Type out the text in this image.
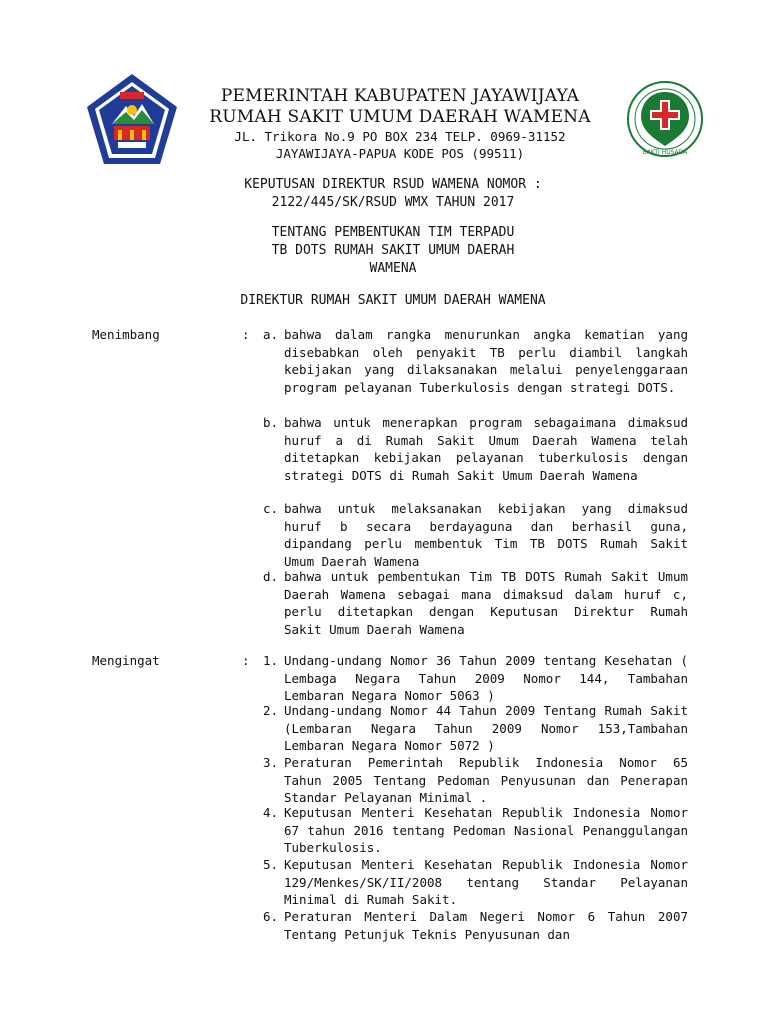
PEMERINTAH KABUPATEN JAYAWIJAYA
RUMAH SAKIT UMUM DAERAH WAMENA
JL. Trikora No.9 PO BOX 234 TELP. 0969-31152
JAYAWIJAYA-PAPUA KODE POS (99511)	BAKTI HUSADA
KEPUTUSAN DIREKTUR RSUD WAMENA NOMOR :
2122/445/SK/RSUD WMX TAHUN 2017
TENTANG PEMBENTUKAN TIM TERPADU
TB DOTS RUMAH SAKIT UMUM DAERAH
WAMENA
DIREKTUR RUMAH SAKIT UMUM DAERAH WAMENA
Menimbang	:	a. bahwa dalam rangka menurunkan angka kematian yang disebabkan oleh penyakit TB perlu diambil langkah kebijakan yang dilaksanakan melalui penyelenggaraan program pelayanan Tuberkulosis dengan strategi DOTS.
b. bahwa untuk menerapkan program sebagaimana dimaksud huruf a di Rumah Sakit Umum Daerah Wamena telah ditetapkan kebijakan pelayanan tuberkulosis dengan strategi DOTS di Rumah Sakit Umum Daerah Wamena
c. bahwa untuk melaksanakan kebijakan yang dimaksud huruf b secara berdayaguna dan berhasil guna, dipandang perlu membentuk Tim TB DOTS Rumah Sakit Umum Daerah Wamena
d. bahwa untuk pembentukan Tim TB DOTS Rumah Sakit Umum Daerah Wamena sebagai mana dimaksud dalam huruf c, perlu ditetapkan dengan Keputusan Direktur Rumah Sakit Umum Daerah Wamena
Mengingat	:	1. Undang-undang Nomor 36 Tahun 2009 tentang Kesehatan ( Lembaga Negara Tahun 2009 Nomor 144, Tambahan Lembaran Negara Nomor 5063 )
2. Undang-undang Nomor 44 Tahun 2009 Tentang Rumah Sakit (Lembaran Negara Tahun 2009 Nomor 153,Tambahan Lembaran Negara Nomor 5072 )
3. Peraturan Pemerintah Republik Indonesia Nomor 65 Tahun 2005 Tentang Pedoman Penyusunan dan Penerapan Standar Pelayanan Minimal .
4. Keputusan Menteri Kesehatan Republik Indonesia Nomor 67 tahun 2016 tentang Pedoman Nasional Penanggulangan Tuberkulosis.
5. Keputusan Menteri Kesehatan Republik Indonesia Nomor 129/Menkes/SK/II/2008 tentang Standar Pelayanan Minimal di Rumah Sakit.
6. Peraturan Menteri Dalam Negeri Nomor 6 Tahun 2007 Tentang Petunjuk Teknis Penyusunan dan
